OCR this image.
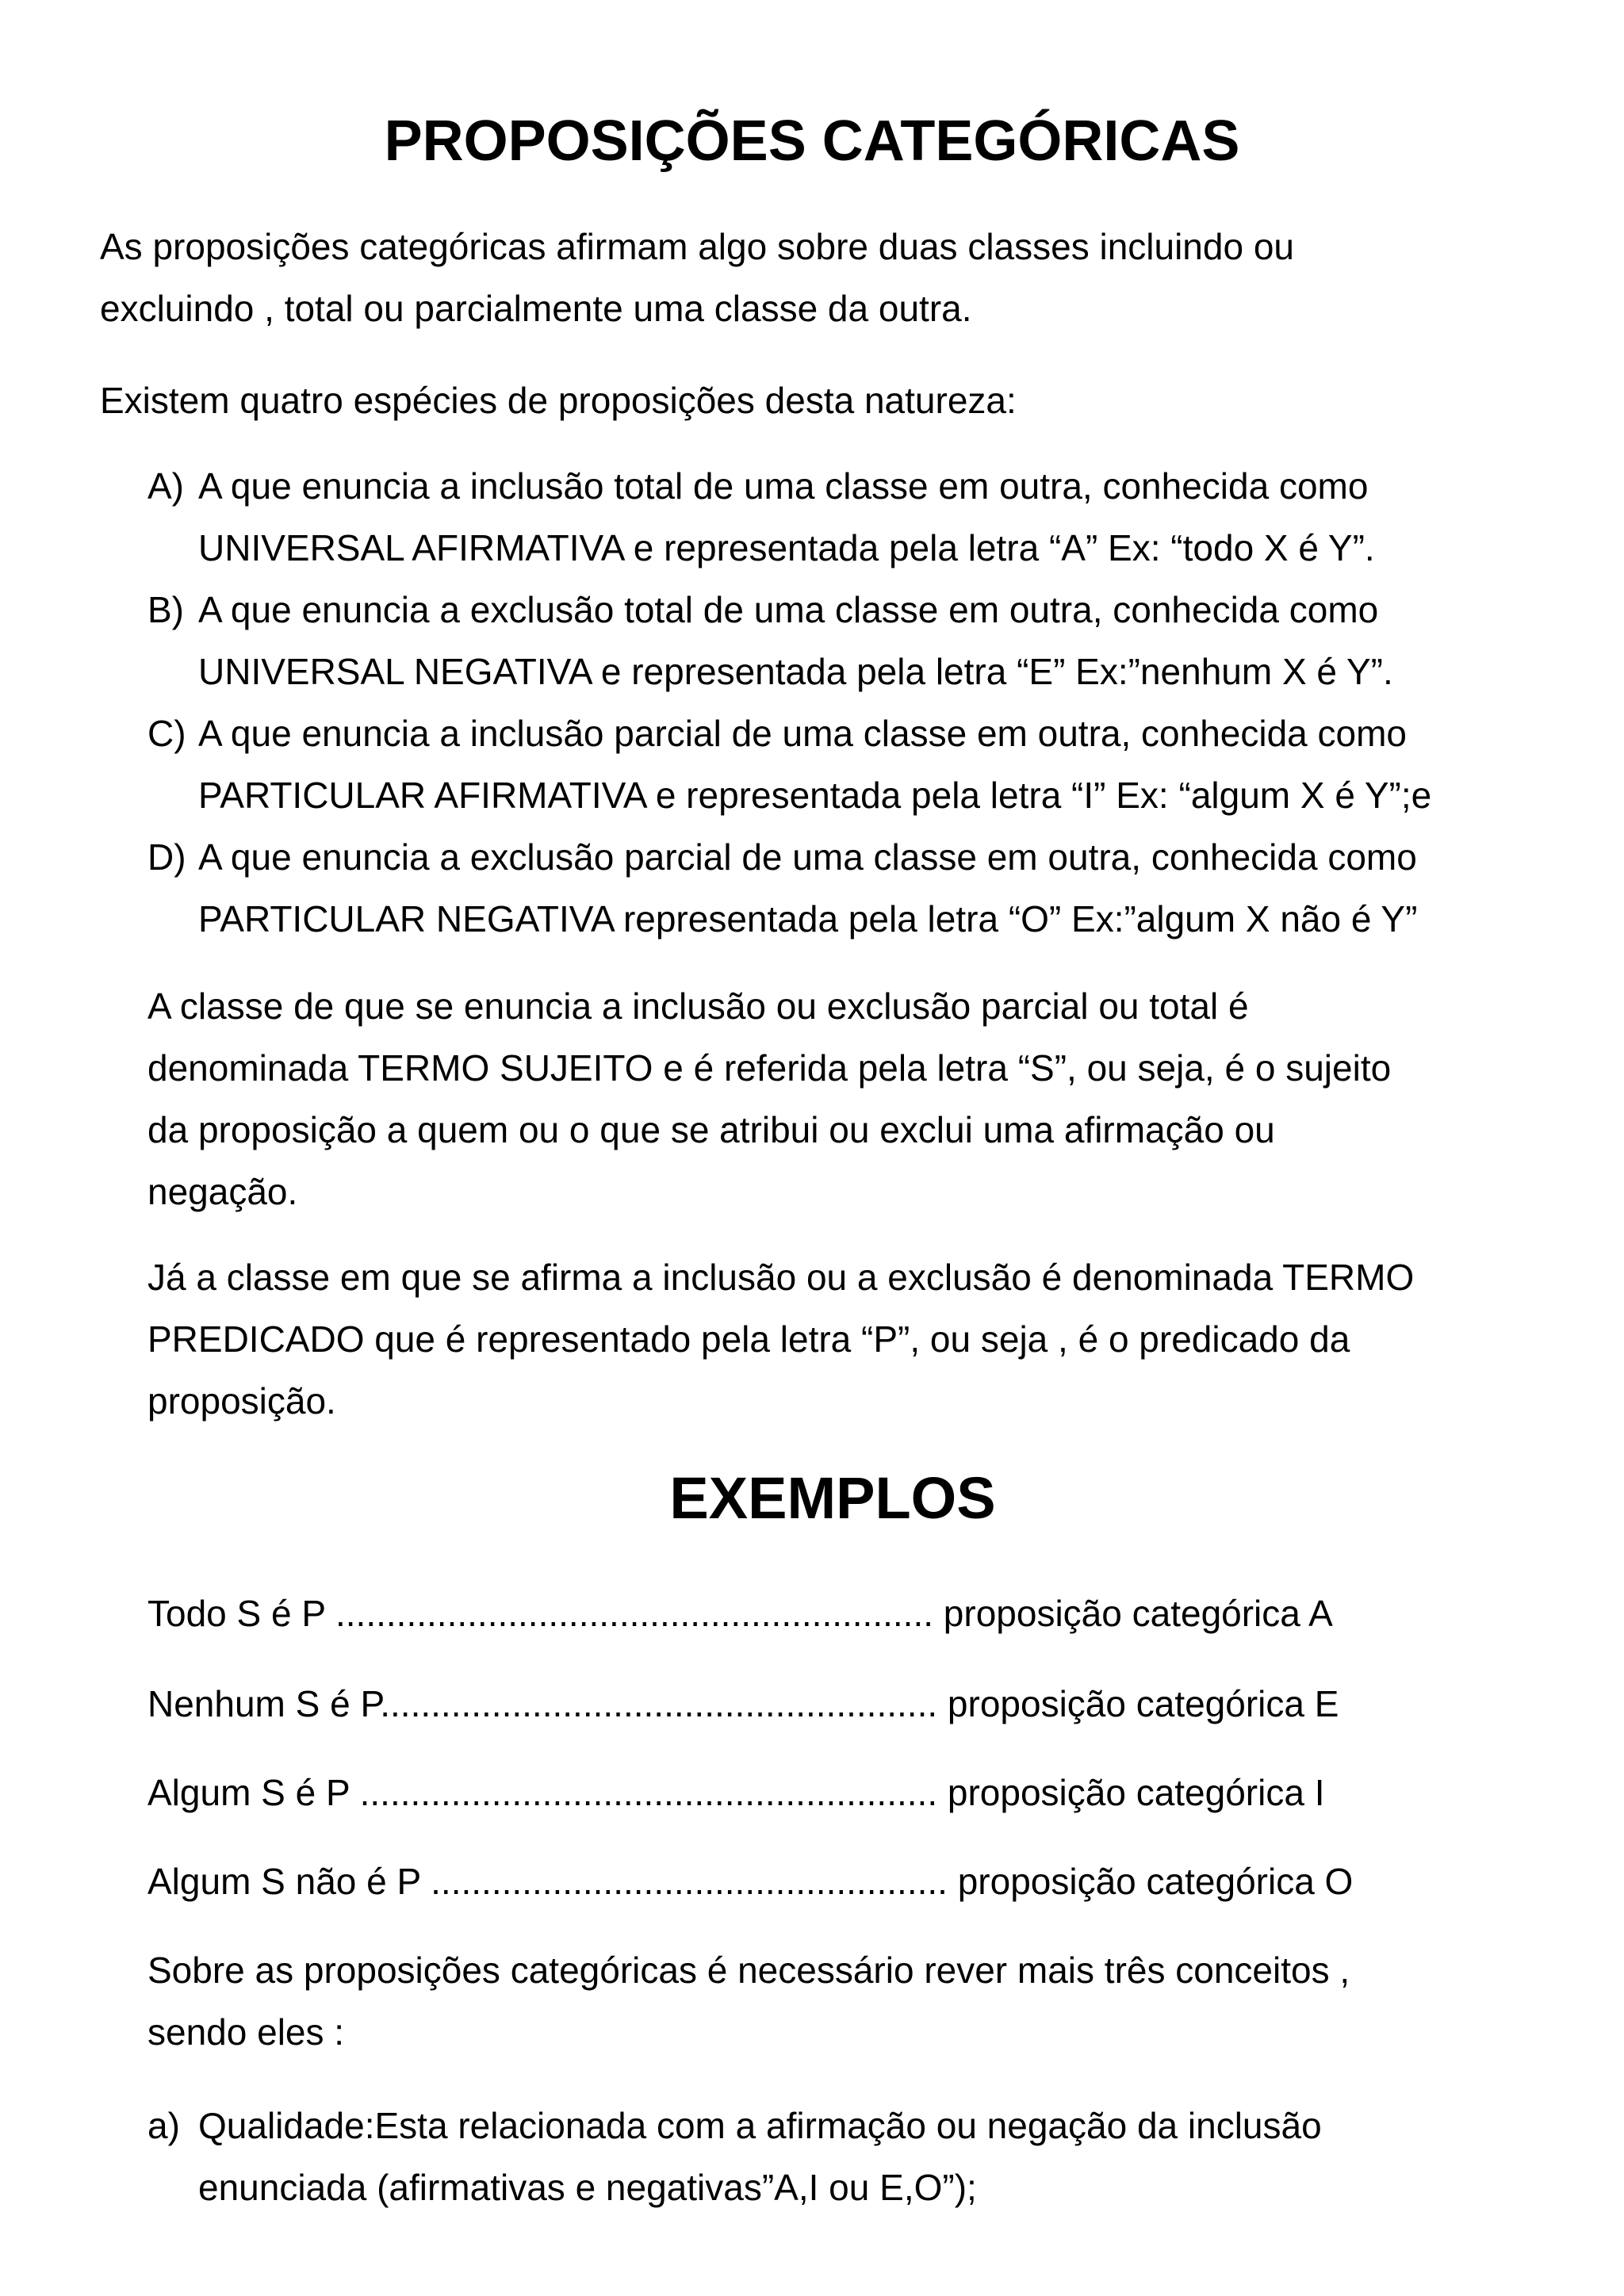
PROPOSIÇÕES CATEGÓRICAS
As proposições categóricas afirmam algo sobre duas classes incluindo ou
excluindo , total ou parcialmente uma classe da outra.
Existem quatro espécies de proposições desta natureza:
A) A que enuncia a inclusão total de uma classe em outra, conhecida como
UNIVERSAL AFIRMATIVA e representada pela letra “A” Ex: “todo X é Y”.
B) A que enuncia a exclusão total de uma classe em outra, conhecida como
UNIVERSAL NEGATIVA e representada pela letra “E” Ex:”nenhum X é Y”.
C) A que enuncia a inclusão parcial de uma classe em outra, conhecida como
PARTICULAR AFIRMATIVA e representada pela letra “I” Ex: “algum X é Y”;e
D) A que enuncia a exclusão parcial de uma classe em outra, conhecida como
PARTICULAR NEGATIVA representada pela letra “O” Ex:”algum X não é Y”
A classe de que se enuncia a inclusão ou exclusão parcial ou total é
denominada TERMO SUJEITO e é referida pela letra “S”, ou seja, é o sujeito
da proposição a quem ou o que se atribui ou exclui uma afirmação ou
negação.
Já a classe em que se afirma a inclusão ou a exclusão é denominada TERMO
PREDICADO que é representado pela letra “P”, ou seja , é o predicado da
proposição.
EXEMPLOS
Todo S é P ........................................................... proposição categórica A
Nenhum S é P....................................................... proposição categórica E
Algum S é P ......................................................... proposição categórica I
Algum S não é P ................................................... proposição categórica O
Sobre as proposições categóricas é necessário rever mais três conceitos ,
sendo eles :
a) Qualidade:Esta relacionada com a afirmação ou negação da inclusão
enunciada (afirmativas e negativas”A,I ou E,O”);
